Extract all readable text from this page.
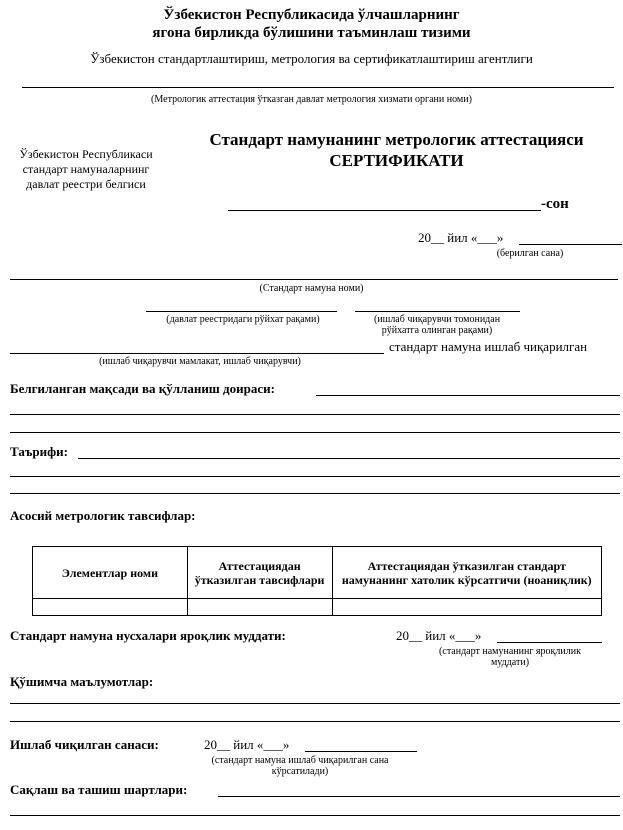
Ўзбекистон Республикасида ўлчашларнинг
ягона бирликда бўлишини таъминлаш тизими
Ўзбекистон стандартлаштириш, метрология ва сертификатлаштириш агентлиги
(Метрологик аттестация ўтказган давлат метрология хизмати органи номи)
Ўзбекистон Республикаси
стандарт намуналарнинг
давлат реестри белгиси
Стандарт намунанинг метрологик аттестацияси
СЕРТИФИКАТИ
-сон
20__ йил «___»
(берилган сана)
(Стандарт намуна номи)
(давлат реестридаги рўйхат рақами)	(ишлаб чиқарувчи томонидан
рўйхатга олинган рақами)
стандарт намуна ишлаб чиқарилган
(ишлаб чиқарувчи мамлакат, ишлаб чиқарувчи)
Белгиланган мақсади ва қўлланиш доираси:
Таърифи:
Асосий метрологик тавсифлар:
Элементлар номи	Аттестациядан ўтказилган тавсифлари	Аттестациядан ўтказилган стандарт намунанинг хатолик кўрсатгичи (ноаниқлик)

Стандарт намуна нусхалари яроқлик муддати:	20__ йил «___»
(стандарт намунанинг яроқлилик
муддати)
Қўшимча маълумотлар:
Ишлаб чиқилган санаси:	20__ йил «___»
(стандарт намуна ишлаб чиқарилган сана
кўрсатилади)
Сақлаш ва ташиш шартлари:
